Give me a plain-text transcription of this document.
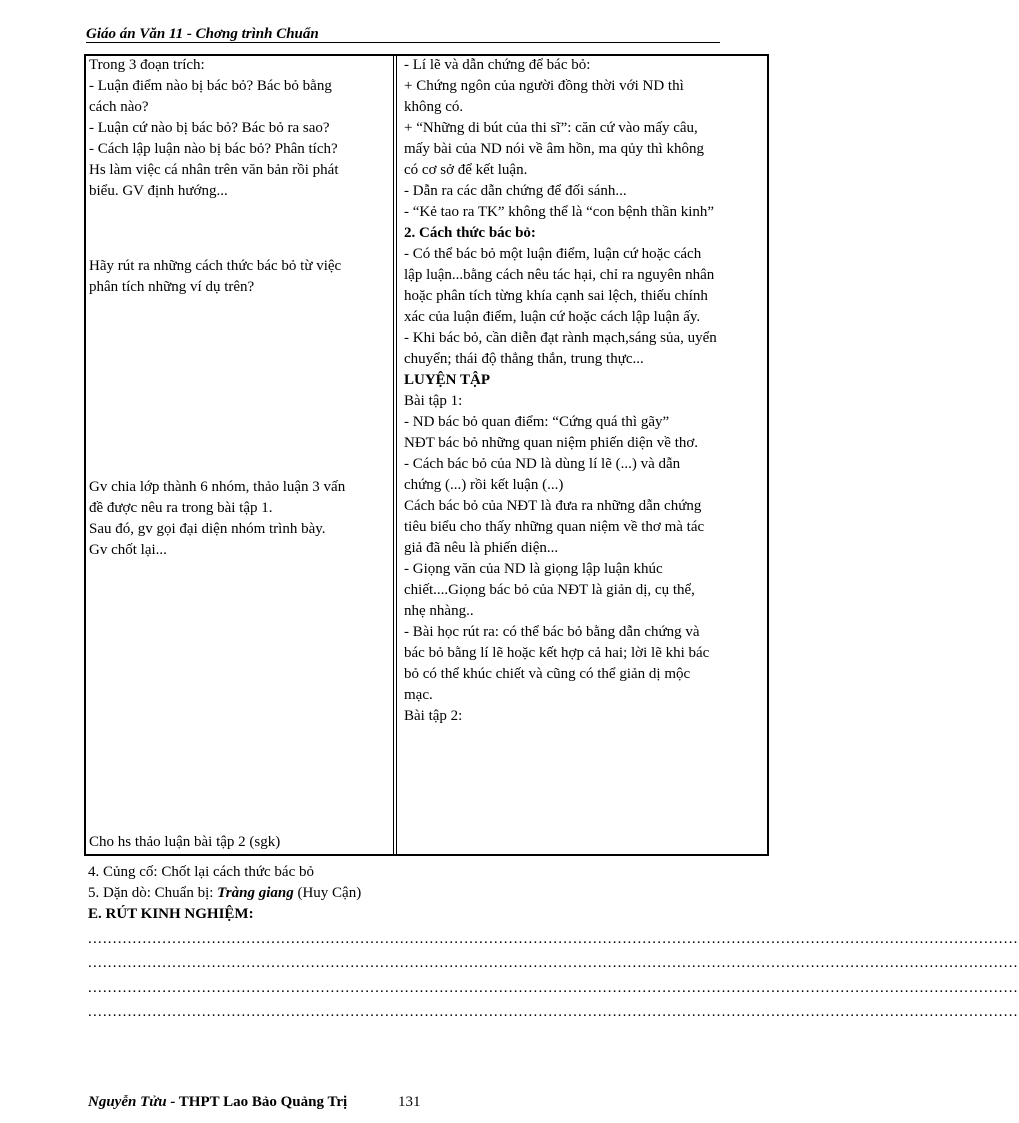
Giáo án Văn 11 - Chơng trình Chuẩn
Trong 3 đoạn trích:
- Luận điểm nào bị bác bỏ? Bác bỏ bằng
cách nào?
- Luận cứ nào bị bác bỏ? Bác bỏ ra sao?
- Cách lập luận nào bị bác bỏ? Phân tích?
Hs làm việc cá nhân trên văn bản rồi phát
biểu. GV định hướng...
Hãy rút ra những cách thức bác bỏ từ việc
phân tích những ví dụ trên?
Gv chia lớp thành 6 nhóm, thảo luận 3 vấn
đề được nêu ra trong bài tập 1.
Sau đó, gv gọi đại diện nhóm trình bày.
Gv chốt lại...
Cho hs thảo luận bài tập 2 (sgk)
- Lí lẽ và dẫn chứng để bác bỏ:
+ Chứng ngôn của người đồng thời với ND thì
không có.
+ “Những di bút của thi sĩ”: căn cứ vào mấy câu,
mấy bài của ND nói về âm hồn, ma qủy thì không
có cơ sở để kết luận.
- Dẫn ra các dẫn chứng để đối sánh...
- “Kẻ tao ra TK” không thể là “con bệnh thần kinh”
2. Cách thức bác bỏ:
- Có thể bác bỏ một luận điểm, luận cứ hoặc cách
lập luận...bằng cách nêu tác hại, chỉ ra nguyên nhân
hoặc phân tích từng khía cạnh sai lệch, thiếu chính
xác của luận điểm, luận cứ hoặc cách lập luận ấy.
- Khi bác bỏ, cần diễn đạt rành mạch,sáng sủa, uyển
chuyển; thái độ thẳng thắn, trung thực...
LUYỆN TẬP
Bài tập 1:
- ND bác bỏ quan điểm: “Cứng quá thì gãy”
NĐT bác bỏ những quan niệm phiến diện về thơ.
- Cách bác bỏ của ND là dùng lí lẽ (...) và dẫn
chứng (...) rồi kết luận (...)
Cách bác bỏ của NĐT là đưa ra những dẫn chứng
tiêu biểu cho thấy những quan niệm về thơ mà tác
giả đã nêu là phiến diện...
- Giọng văn của ND là giọng lập luận khúc
chiết....Giọng bác bỏ của NĐT là giản dị, cụ thể,
nhẹ nhàng..
- Bài học rút ra: có thể bác bỏ bằng dẫn chứng và
bác bỏ bằng lí lẽ hoặc kết hợp cả hai; lời lẽ khi bác
bỏ có thể khúc chiết và cũng có thể giản dị mộc
mạc.
Bài tập 2:
4. Củng cố: Chốt lại cách thức bác bỏ
5. Dặn dò: Chuẩn bị: Tràng giang (Huy Cận)
E. RÚT KINH NGHIỆM:
............................................................................................................................................................................................
............................................................................................................................................................................................
............................................................................................................................................................................................
............................................................................................................................................................................................
Nguyễn Tửu - THPT Lao Bảo Quảng Trị	131
